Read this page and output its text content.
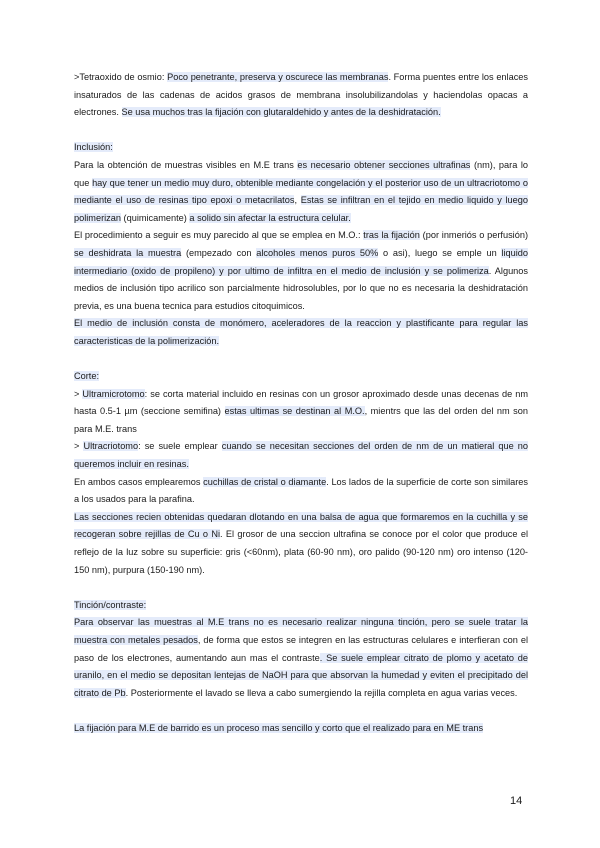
>Tetraoxido de osmio: Poco penetrante, preserva y oscurece las membranas. Forma puentes entre los enlaces insaturados de las cadenas de acidos grasos de membrana insolubilizandolas y haciendolas opacas a electrones. Se usa muchos tras la fijación con glutaraldehido y antes de la deshidratación.

Inclusión:

Para la obtención de muestras visibles en M.E trans es necesario obtener secciones ultrafinas (nm), para lo que hay que tener un medio muy duro, obtenible mediante congelación y el posterior uso de un ultracriotomo o mediante el uso de resinas tipo epoxi o metacrilatos, Estas se infiltran en el tejido en medio liquido y luego polimerizan (quimicamente) a solido sin afectar la estructura celular.

El procedimiento a seguir es muy parecido al que se emplea en M.O.: tras la fijación (por inmeriós o perfusión) se deshidrata la muestra (empezado con alcoholes menos puros 50% o asi), luego se emple un liquido intermediario (oxido de propileno) y por ultimo de infiltra en el medio de inclusión y se polimeriza. Algunos medios de inclusión tipo acrilico son parcialmente hidrosolubles, por lo que no es necesaria la deshidratación previa, es una buena tecnica para estudios citoquimicos.

El medio de inclusión consta de monómero, aceleradores de la reaccion y plastificante para regular las caracteristicas de la polimerización.

Corte:

> Ultramicrotomo: se corta material incluido en resinas con un grosor aproximado desde unas decenas de nm hasta 0.5-1 µm (seccione semifina) estas ultimas se destinan al M.O., mientrs que las del orden del nm son para M.E. trans

> Ultracriotomo: se suele emplear cuando se necesitan secciones del orden de nm de un matieral que no queremos incluir en resinas.

En ambos casos emplearemos cuchillas de cristal o diamante. Los lados de la superficie de corte son similares a los usados para la parafina.

Las secciones recien obtenidas quedaran dlotando en una balsa de agua que formaremos en la cuchilla y se recogeran sobre rejillas de Cu o Ni. El grosor de una seccion ultrafina se conoce por el color que produce el reflejo de la luz sobre su superficie: gris (<60nm), plata (60-90 nm), oro palido (90-120 nm) oro intenso (120-150 nm), purpura (150-190 nm).

Tinción/contraste:

Para observar las muestras al M.E trans no es necesario realizar ninguna tinción, pero se suele tratar la muestra con metales pesados, de forma que estos se integren en las estructuras celulares e interfieran con el paso de los electrones, aumentando aun mas el contraste. Se suele emplear citrato de plomo y acetato de uranilo, en el medio se depositan lentejas de NaOH para que absorvan la humedad y eviten el precipitado del citrato de Pb. Posteriormente el lavado se lleva a cabo sumergiendo la rejilla completa en agua varias veces.

La fijación para M.E de barrido es un proceso mas sencillo y corto que el realizado para en ME trans

14
